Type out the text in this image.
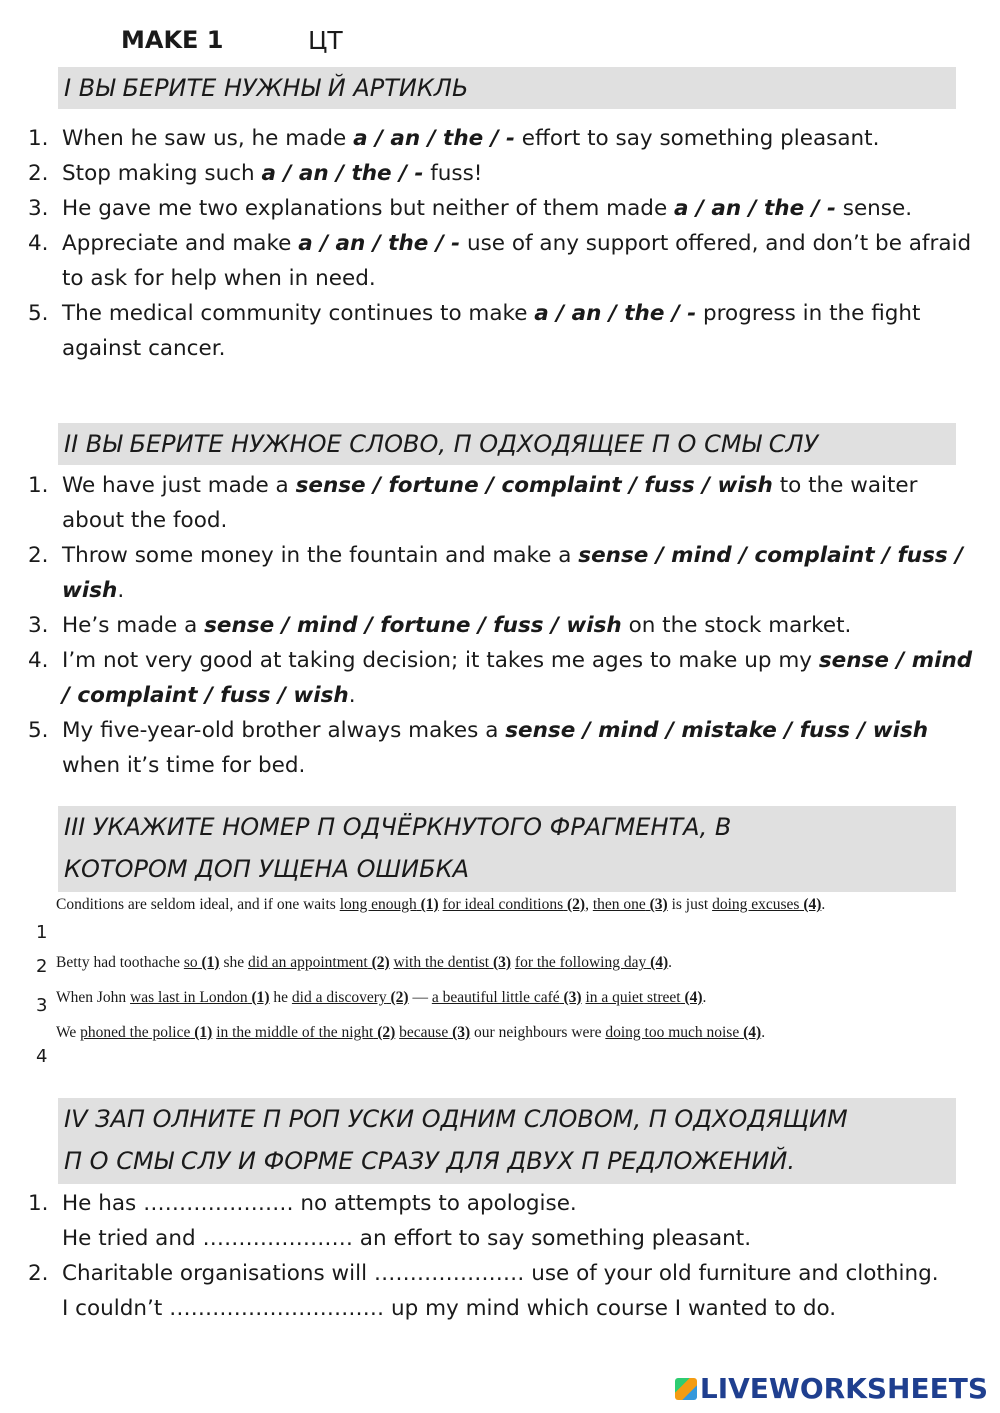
MAKE 1	ЦТ
I ВЫ БЕРИТЕ НУЖНЫ Й АРТИКЛЬ
1. When he saw us, he made a / an / the / - effort to say something pleasant.
2. Stop making such a / an / the / - fuss!
3. He gave me two explanations but neither of them made a / an / the / - sense.
4. Appreciate and make a / an / the / - use of any support offered, and don’t be afraid to ask for help when in need.
5. The medical community continues to make a / an / the / - progress in the fight against cancer.
II ВЫ БЕРИТЕ НУЖНОЕ СЛОВО, П ОДХОДЯЩЕЕ П О СМЫ СЛУ
1. We have just made a sense / fortune / complaint / fuss / wish to the waiter about the food.
2. Throw some money in the fountain and make a sense / mind / complaint / fuss / wish.
3. He’s made a sense / mind / fortune / fuss / wish on the stock market.
4. I’m not very good at taking decision; it takes me ages to make up my sense / mind / complaint / fuss / wish.
5. My five-year-old brother always makes a sense / mind / mistake / fuss / wish when it’s time for bed.
III УКАЖИТЕ НОМЕР П ОДЧЁРКНУТОГО ФРАГМЕНТА, В
КОТОРОМ ДОП УЩЕНА ОШИБКА
1
Conditions are seldom ideal, and if one waits long enough (1) for ideal conditions (2), then one (3) is just doing excuses (4).
2 Betty had toothache so (1) she did an appointment (2) with the dentist (3) for the following day (4).
3 When John was last in London (1) he did a discovery (2) — a beautiful little café (3) in a quiet street (4).
4
We phoned the police (1) in the middle of the night (2) because (3) our neighbours were doing too much noise (4).
IV ЗАП ОЛНИТЕ П РОП УСКИ ОДНИМ СЛОВОМ, П ОДХОДЯЩИМ
П О СМЫ СЛУ И ФОРМЕ СРАЗУ ДЛЯ ДВУХ П РЕДЛОЖЕНИЙ.
1. He has ………………… no attempts to apologise.
He tried and ………………… an effort to say something pleasant.
2. Charitable organisations will ………………… use of your old furniture and clothing.
I couldn’t ………………………… up my mind which course I wanted to do.
LIVEWORKSHEETS
